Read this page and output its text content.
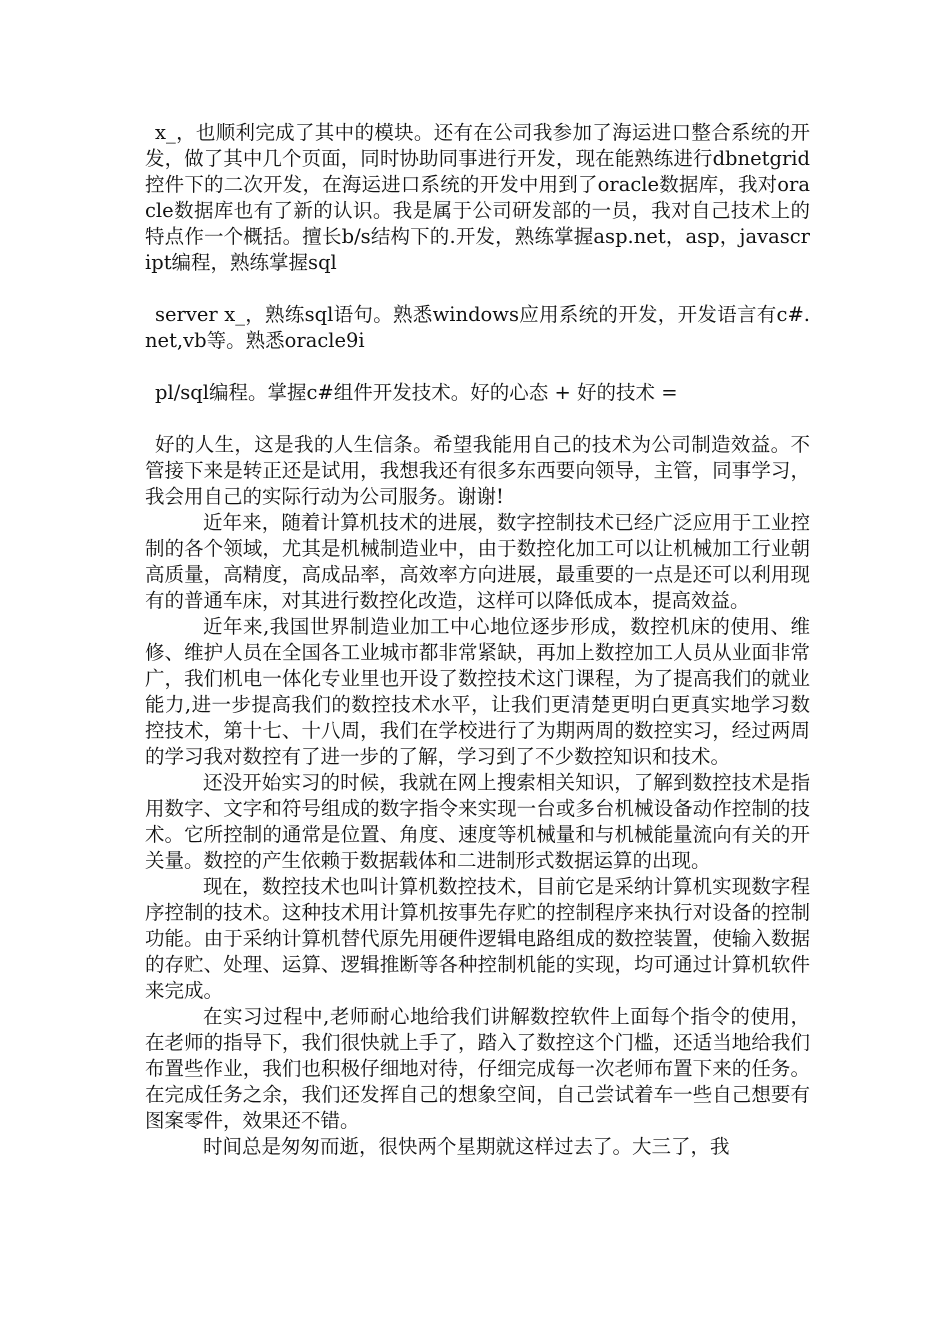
x_，也顺利完成了其中的模块。还有在公司我参加了海运进口整合系统的开发，做了其中几个页面，同时协助同事进行开发，现在能熟练进行dbnetgrid控件下的二次开发，在海运进口系统的开发中用到了oracle数据库，我对oracle数据库也有了新的认识。我是属于公司研发部的一员，我对自己技术上的特点作一个概括。擅长b/s结构下的.开发，熟练掌握asp.net，asp，javascript编程，熟练掌握sql

server x_，熟练sql语句。熟悉windows应用系统的开发，开发语言有c#.net,vb等。熟悉oracle9i

pl/sql编程。掌握c#组件开发技术。好的心态 + 好的技术 =

好的人生，这是我的人生信条。希望我能用自己的技术为公司制造效益。不管接下来是转正还是试用，我想我还有很多东西要向领导，主管，同事学习，我会用自己的实际行动为公司服务。谢谢!

近年来，随着计算机技术的进展，数字控制技术已经广泛应用于工业控制的各个领域，尤其是机械制造业中，由于数控化加工可以让机械加工行业朝高质量，高精度，高成品率，高效率方向进展，最重要的一点是还可以利用现有的普通车床，对其进行数控化改造，这样可以降低成本，提高效益。

近年来,我国世界制造业加工中心地位逐步形成，数控机床的使用、维修、维护人员在全国各工业城市都非常紧缺，再加上数控加工人员从业面非常广，我们机电一体化专业里也开设了数控技术这门课程，为了提高我们的就业能力,进一步提高我们的数控技术水平，让我们更清楚更明白更真实地学习数控技术，第十七、十八周，我们在学校进行了为期两周的数控实习，经过两周的学习我对数控有了进一步的了解，学习到了不少数控知识和技术。

还没开始实习的时候，我就在网上搜索相关知识，了解到数控技术是指用数字、文字和符号组成的数字指令来实现一台或多台机械设备动作控制的技术。它所控制的通常是位置、角度、速度等机械量和与机械能量流向有关的开关量。数控的产生依赖于数据载体和二进制形式数据运算的出现。

现在，数控技术也叫计算机数控技术，目前它是采纳计算机实现数字程序控制的技术。这种技术用计算机按事先存贮的控制程序来执行对设备的控制功能。由于采纳计算机替代原先用硬件逻辑电路组成的数控装置，使输入数据的存贮、处理、运算、逻辑推断等各种控制机能的实现，均可通过计算机软件来完成。

在实习过程中,老师耐心地给我们讲解数控软件上面每个指令的使用，在老师的指导下，我们很快就上手了，踏入了数控这个门槛，还适当地给我们布置些作业，我们也积极仔细地对待，仔细完成每一次老师布置下来的任务。在完成任务之余，我们还发挥自己的想象空间，自己尝试着车一些自己想要有图案零件，效果还不错。

时间总是匆匆而逝，很快两个星期就这样过去了。大三了，我
